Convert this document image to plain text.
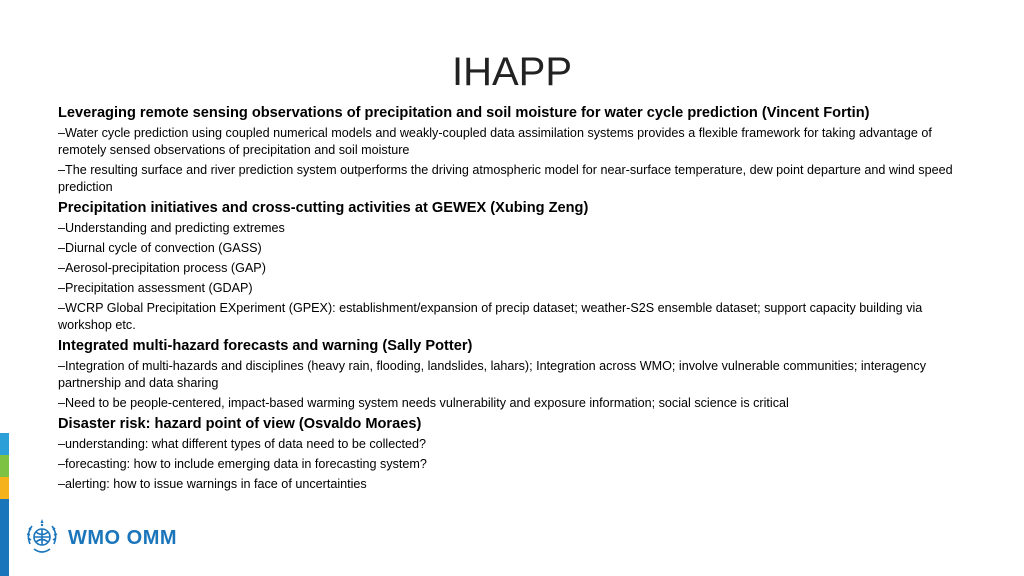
IHAPP

Leveraging remote sensing observations of precipitation and soil moisture for water cycle prediction (Vincent Fortin)

–Water cycle prediction using coupled numerical models and weakly-coupled data assimilation systems provides a flexible framework for taking advantage of remotely sensed observations of precipitation and soil moisture

–The resulting surface and river prediction system outperforms the driving atmospheric model for near-surface temperature, dew point departure and wind speed prediction

Precipitation initiatives and cross-cutting activities at GEWEX (Xubing Zeng)

–Understanding and predicting extremes

–Diurnal cycle of convection (GASS)

–Aerosol-precipitation process (GAP)

–Precipitation assessment (GDAP)

–WCRP Global Precipitation EXperiment (GPEX): establishment/expansion of precip dataset; weather-S2S ensemble dataset; support capacity building via workshop etc.

Integrated multi-hazard forecasts and warning (Sally Potter)

–Integration of multi-hazards and disciplines (heavy rain, flooding, landslides, lahars); Integration across WMO; involve vulnerable communities; interagency partnership and data sharing

–Need to be people-centered, impact-based warming system needs vulnerability and exposure information; social science is critical

Disaster risk: hazard point of view (Osvaldo Moraes)

–understanding: what different types of data need to be collected?

–forecasting: how to include emerging data in forecasting system?

–alerting: how to issue warnings in face of uncertainties

WMO OMM
